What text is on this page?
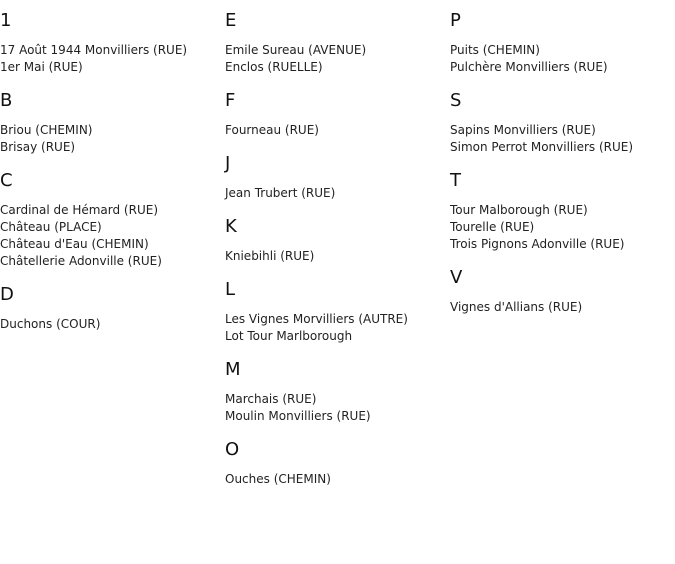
1
17 Août 1944 Monvilliers (RUE)
1er Mai (RUE)
B
Briou (CHEMIN)
Brisay (RUE)
C
Cardinal de Hémard (RUE)
Château (PLACE)
Château d'Eau (CHEMIN)
Châtellerie Adonville (RUE)
D
Duchons (COUR)
E
Emile Sureau (AVENUE)
Enclos (RUELLE)
F
Fourneau (RUE)
J
Jean Trubert (RUE)
K
Kniebihli (RUE)
L
Les Vignes Morvilliers (AUTRE)
Lot Tour Marlborough
M
Marchais (RUE)
Moulin Monvilliers (RUE)
O
Ouches (CHEMIN)
P
Puits (CHEMIN)
Pulchère Monvilliers (RUE)
S
Sapins Monvilliers (RUE)
Simon Perrot Monvilliers (RUE)
T
Tour Malborough (RUE)
Tourelle (RUE)
Trois Pignons Adonville (RUE)
V
Vignes d'Allians (RUE)
